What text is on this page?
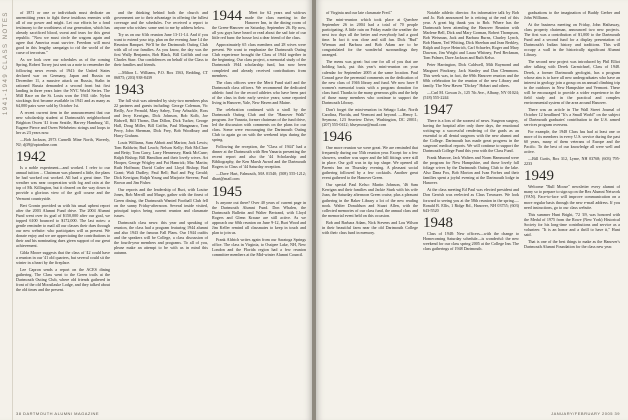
1941-1949 CLASS NOTES	of 1871 or one or individuals must dedicate an unremitting years to fight these insidious enemies with all of our power and might. Let our efforts be a fond testimony to the worthiness of our generation, which has already sacrificed blood, sweat and tears for this great republic. "Now we must circle the wagons again and agree that America must survive. Freedom will most good in this lengthy campaign to rid the world of the curse of terrorism."

As we look over our schedules as of the coming Spring, Robert Torrey just sent us a note to remember the following news events of 1941: the United States declared war on Germany, Japan and Russia on December 11, a massive attack on Russia, Stalin in rationed Russia demanded a second front but first landing in three years later: the NYC World Series. The Mill Race on the St. Louis won the 1941 title. Nylon stockings first became available in 1941 and as many as 64,000 pairs were sold by October 1st.

A recent current item in the announcement that our new scholarship student at Dartmouth's neighborhood Brighton Owen '41 from Seattle, Harvey Hamburg '41, Eugene Pierce and Owen Wehrheim: strings and loops to her as 23 years now.

—Bob Jackson, 2973 Carnelli Mine North, Waverly, NJ; dj39@optonline.com

1942

Is a noble experiment—and worked. I refer to our annual tuition ... Chairman was planned a little, the plans he had worked out worked. All had a great time. The weather was near cooperation with fog and rain at the top of Mt. Killington, but it cleared on the way down to provide a glorious view of the golf course and the Vermont countryside.

Bert Gronin provided us with his usual upbeat report after the 2003 Alumni Fund drive. The 2004 Alumni Fund went over its goal of $150,000 after our goal, we topped 6100 bounced to $172,000. The last notes: a gentle reminder to mail all our classes their dues through our new website: who participates will as present. We donate enjoy and we are appreciating the contributions to their and his nominating dues given support of our great achievement.

Gilda Moore suggests that the class of '42 could have a reunion in our '41 old quarters, but several could sit the winter in a heart by the fireplace.

Lee Capron sends a report on the ACES dining gathering. The Class went to the Green trails at the Dartmouth Outing Club, where old friends gathered in front of the old Moosilauke Lodge, and they talked about the old times and the present.

and the thinking behind both the church and government are to their advantage in offering the fullest coverage and the schedules. I've received a report to anyone who wishes: some sent to me by address below.

Try us on our 61th reunion June 13-11-14. And if you want to extend your trip, plan on the evening June 14 the Reunion Banquet. We'll be the Dartmouth Outing Club with all of our families. As you know, the day was the first Wally Benjamin, Bob Black, Bill Griffith and our Charles Starr. Our condolences on behalf of the Class to their families and friends.

—Milton L. Williams, P.O. Box 1563, Redding, CT 06875; (203) 938-8439

1943

The fall visit was attended by sixty-two members plus 22 partners and guests including: George Coleman, Vic Reilly, Ace Fernald, Mary Sabey, Tony Arbuckle, Ross and Jerry Kerrigan, Dick Johnson, Bob Kolb, Joe Bidwell, Bill Thoms, Dan Dillon, Dick Tucker, George Hall, Doug Miller, Bill Griffin, Paul Manganaro, Tom Perry, John Sherman, Dick Frey, Bob Woodbury and Harry Graham.

Louis Williams, Sam Abbott and Marion; Jack Lewis; Tom Baldwin; Bud Leach; Nelson Kelly; Bob McClure and Betty; Tom Garry, Larry Hennessey, Hank McCune; Ralph Bishop; Bill Hamilton and their lovely wives. Art Hooper, George Wrigley and Pat Hamrick; Mac Martin; Ruth Hoffman; David Cutler and Lloyd Bishop; Bud Grant; Walt Dudley; Paul Bell; Bud and Peg Gerald; Dick Kerrigan; Ralph Young and Marjorie Stevens; Paul Brown and Jim Fisher.

Our reports and the leadership of Burt, with Louise Jones, Bob Merrill and Marge, gather with the finest of Green dining, the Dartmouth Wanted Football Club fell on the sunny Friday-afternoon. Several inside visited, principal topics being current reunion and classmate issues.

Dartmouth class news: this year and speaking of reunion, the class had a program featuring 1944 alumni and also 1943 the famous Fall Plans. Our 1944 outfits and the speakers will be College, a class discussion of the fourth-year members and programs. To all of you, please make an attempt to be with us in mind this autumn.

1944	Meet for 62 years and widows made the class meeting in the Hanover Inn, in the dining room of the Green-Hanover on Saturday, September 26. By now, all you guys have heard or read about the sad fate of our little red barn: the house lost a dear friend of the class.

Approximately 65 class members and 28 wives were present. We want to emphasize the Dartmouth Outing Club experience brought the Class of 1944 together in the beginning. Our class project, a memorial study of the Dartmouth 1944 scholarship fund, has now been completed and already received contributions from members.

The class officers were the Merit Fund staff and the Dartmouth class officers. We recommend the dedicated athletic fund for the record athletes who have been part of the class in their early service years; some reported living in Hanover, Yale, New Haven and Maine.

The celebration continued with a stroll by the Dartmouth Outing Club and the "Hanover Walk" program. Joe Vanaria, former chairman of the fund drive, led the discussion with comments on the plans for our class. Some were encouraging the Dartmouth Outing Club to again go on with the weekend trips during the spring.

Following the reception, the "Class of 1944" had a dinner at the Dartmouth with Ben Vanaria presenting the recent report and also the '44 Scholarship and Bibliography, the Ken Marsh Award and the Dartmouth Rogers to Class of '44 Saturday reception.

—Dave Hart, Falmouth, MA 01540; (508) 555-1212; dhart@mail.com

1945

Is anyone out there? Over 40 years of current page in the Dartmouth Alumni Fund. Don Whalen, the Dartmouth Bulletin and Walter Bertrand, with Lloyd Rogers and Glenn Krause are still active. As we approach our 60th reunion on June 9-12, Burt Wood and Jim Keller remind all classmates to keep in touch and plan to join us.

Frank Aldrich writes again from our Saratoga Springs office. The class in Virginia, to Ossipee Lake, NH, New London and the Florida region had a few reunion committee members at the Mid-winter Alumni Council.

38 DARTMOUTH ALUMNI MAGAZINE

of Virginia and our late classmate Fred."

The mini-reunion which took place at Quechee September 26 in 2004 had a total of 70 people participating. A little rain on Friday made the weather the next two days all the better and everybody had a good time. In fact it was close and still fun. Dick "Bud" Wieman and Barbara and Bob Adam are to be congratulated for the wonderful surroundings they arranged.

The menu was great: but one for all of you that are holding back, put this year's mini-reunion on your calendar for September 2005 at the same location. Paul Conrad gave the perennial comments on the dedication of the new class of 1946 library and fund. We now have 8 women's memorial trusts with a program donation for class fund. Thanks to the many generous gifts and the help of those many members who continue to support the Dartmouth Library.

Don't forget the mini-reunion in Sebago Lake, North Carolina, Florida, and Vermont and beyond. —Henry L. Seymour, 123 Seaview Drive, Washington, DC 20011; (207) 555-0412; hlseymour@mail.com

1946

One more reunion we were great. We are reminded that frequently during our 55th reunion year. Except for a few showers, weather was super and the hill fittings were still in place. Our golf was in tip top shape. We opened all Parents Inn on Thursday evening. A pleasant social gathering followed by a few cocktails. Another great event gathered to the Hanover Green.

Our special Paul Kelso: Martin Johnson, '46 Sam Kerrigan and their families and Jackie Stark with his wife Joan, the Saturday afternoon Green cruise, plus a pleasant gathering in the Baker Library a lot of the new reading nook. Walter Donaldson and Stuart Allen, with the collected memories of our class fund, the annual class and the memorial event held on this occasion.

Bob and Barbara Adam, Nick Stevens and Lou Wilson in their beautiful farm near the old Dartmouth College with their class fund in memory.

Notable athletic director. An informative talk by Bob and Jo. Bob announced he is retiring at the end of this year. A great big thank you to Bob. Where has the Dartmouth been attending the Hanover Reunion with Marlene Bell, Dick and Mary Gorman, Robert Thompson, Bob Weisman, Jack and Barbara Burns, Charley Lynch, Bob Hazen, Ted Whiting, Dick Sheehan and Jean Berkley, Ralph and Joyce Heinrich, Carl Schaefer, Roger and Mary Dawson, Jim Wright and Laura Whitney, Fred Beckman, Tom Palmer, Dave Jackson and Ruth Kelso.

Peter Harrington, Dick Caldwell, Milt Raymond and Margaret Pinckney, Jack Stanley and Dan Clemmons. This week was, in fact, the 69th Hanover reunion and the 60th celebration for the reunion of the new Library and family. The New Haven "Dickey" Hobart and others.

—Carl M. Gowan Jr., 125 7th Ave., Albany, NY 01024; (518) 555-2244

1947

There is a loss of the soonest of news. Surgeon surgery, having the hospital after only three days, the emotional writing-up a successful rendering of the grads as an essential to all dental surgeons with the new alumni and the College. Dartmouth has made great progress in the surgeons' medical reports. We will continue to support the Dartmouth College Fund this year with the Class Fund.

Frank Munroe, Jack Walters and Norm Hammond were the program for New Hampshire, and those lovely fall foliage wives by the Dartmouth Outing Club to the lake. Also Dana Fox, Bob Morton and Ivan Forbes and their families spent a joyful evening at the Dartmouth lodge in Hanover.

At the class meeting Ed Paul was elected president and Don Gerrish was reelected as Class Treasurer. We look forward to seeing you at the 58th reunion in the spring.—Ronald B. Ellis, 1 Ridge Rd., Hanover, NH 03755; (603) 643-5520

1948

Class of 1948: New officers—with the change to Homecoming Saturday schedule—is wonderful: the new weekend for our class spring 2005 at the College Inn. The class gatherings of 1948 Dartmouth.

graduations to the imagination of Buddy Gerber and John Williams.

At the business meeting on Friday, John Hathaway, class property chairman, announced two new projects. The first was a contribution of $1,000 to the Dartmouth Fund and a second fund for a display presentation of Dartmouth's Indian history and traditions. This will occupy a wall in the historically significant Alumni Library.

The second new project was introduced by Phil Elliot after talking with Derek Carmichael, Class of 1948. Derek, a former Dartmouth geologist, has a program whose aim is to have all new undergraduates who have an interest in geology join a group on an annual climbing trip to the outdoors in New Hampshire and Vermont. These will be encouraged to provide a wider experience in the field study and in the practical and complex environmental system of the area around Hanover.

There was an article in The Wall Street Journal of October 12 headlined "It's a Small World" on the subject of Dartmouth graduates' contribution to the U.S. armed services program overseas.

For example, the 1948 Class has had at least one or more of its members in every U.S. service during the past 60 years, many of them veterans of Europe and the Pacific. To the best of our knowledge all were well and active.

—Bill Curtis, Box 312, Lyme, NH 03768; (603) 795-2233

1949

Welcome "Bull Moose" newsletter every alumni of many so to prepare to sign up on the Rex Alumni Network (VAN). Face-to-face will improve communication on a more regular basis through the new e-mail address. If you need instructions, go to our class website.

This summer Hunt Bright, '72 '49, was honored with the Medal of 1975 from the Rowe (New York) Historical Society for his long-time contributions and service as a volunteer. "It is an honor and a thrill to have it," Hunt said.

That is one of the best things to make as the Hanover's Dartmouth Alumni Foundation for the class new year.

JANUARY/FEBRUARY 2005 39
